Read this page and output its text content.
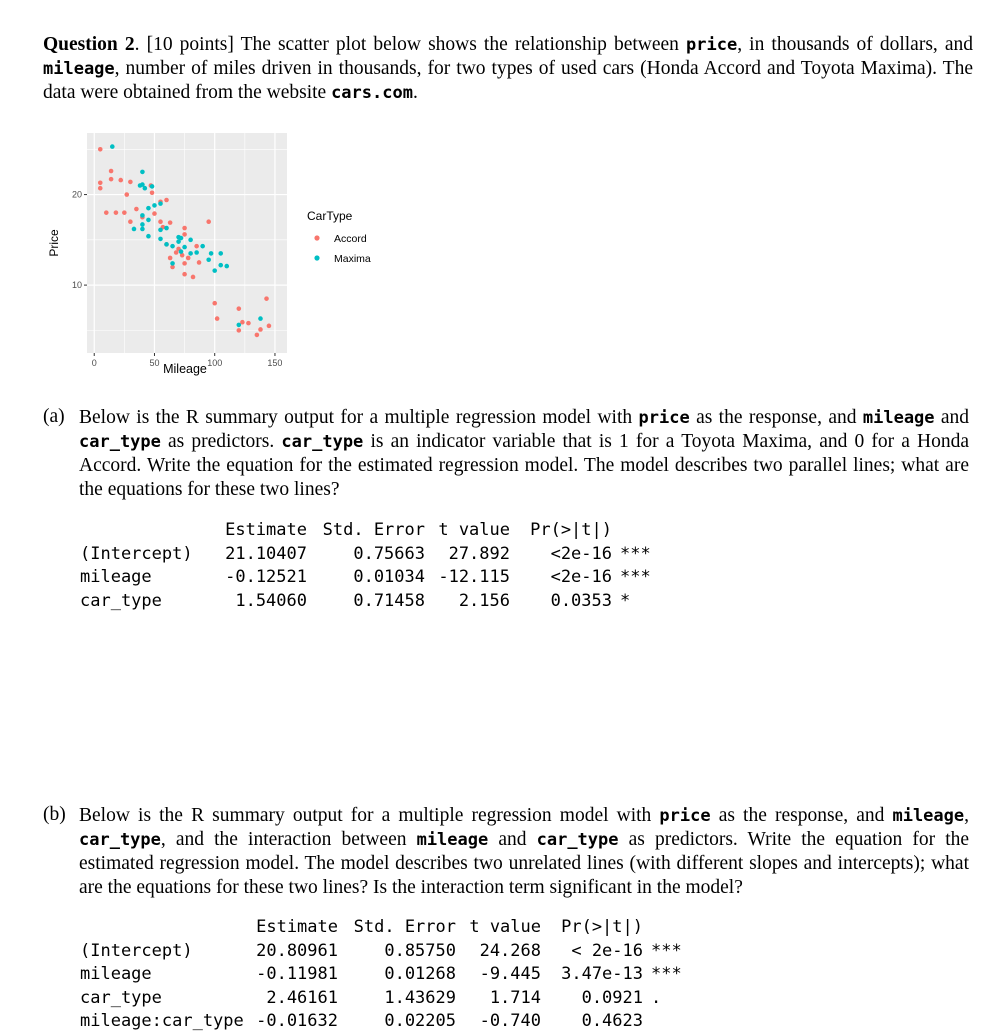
Question 2. [10 points] The scatter plot below shows the relationship between price, in thousands of dollars, and mileage, number of miles driven in thousands, for two types of used cars (Honda Accord and Toyota Maxima). The data were obtained from the website cars.com.
0	50	100	150
10
20
Mileage
Price
CarType
Accord
Maxima
(a) Below is the R summary output for a multiple regression model with price as the response, and mileage and car_type as predictors. car_type is an indicator variable that is 1 for a Toyota Maxima, and 0 for a Honda Accord. Write the equation for the estimated regression model. The model describes two parallel lines; what are the equations for these two lines?
Estimate Std. Error t value	Pr(>|t|)
(Intercept)	21.10407	0.75663	27.892	<2e-16 ***
mileage	-0.12521	0.01034 -12.115	<2e-16 ***
car_type	1.54060	0.71458	2.156	0.0353 *
(b) Below is the R summary output for a multiple regression model with price as the response, and mileage, car_type, and the interaction between mileage and car_type as predictors. Write the equation for the estimated regression model. The model describes two unrelated lines (with different slopes and intercepts); what are the equations for these two lines? Is the interaction term significant in the model?
Estimate Std. Error t value	Pr(>|t|)
(Intercept)	20.80961	0.85750	24.268	< 2e-16 ***
mileage	-0.11981	0.01268	-9.445	3.47e-13 ***
car_type	2.46161	1.43629	1.714	0.0921 .
mileage:car_type -0.01632	0.02205	-0.740	0.4623
